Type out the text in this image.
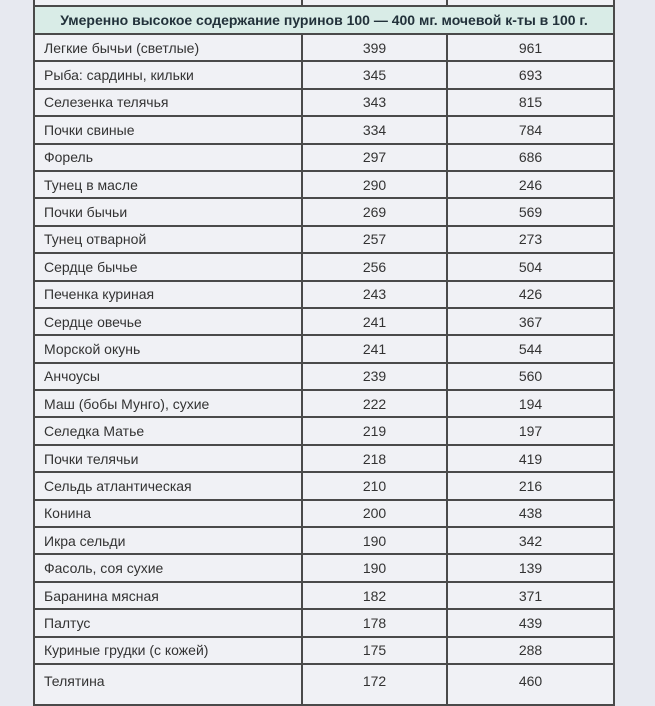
Умеренно высокое содержание пуринов 100 — 400 мг. мочевой к-ты в 100 г.		
Легкие бычьи (светлые)	399	961
Рыба: сардины, кильки	345	693
Селезенка телячья	343	815
Почки свиные	334	784
Форель	297	686
Тунец в масле	290	246
Почки бычьи	269	569
Тунец отварной	257	273
Сердце бычье	256	504
Печенка куриная	243	426
Сердце овечье	241	367
Морской окунь	241	544
Анчоусы	239	560
Маш (бобы Мунго), сухие	222	194
Селедка Матье	219	197
Почки телячьи	218	419
Сельдь атлантическая	210	216
Конина	200	438
Икра сельди	190	342
Фасоль, соя сухие	190	139
Баранина мясная	182	371
Палтус	178	439
Куриные грудки (с кожей)	175	288
Телятина	172	460
